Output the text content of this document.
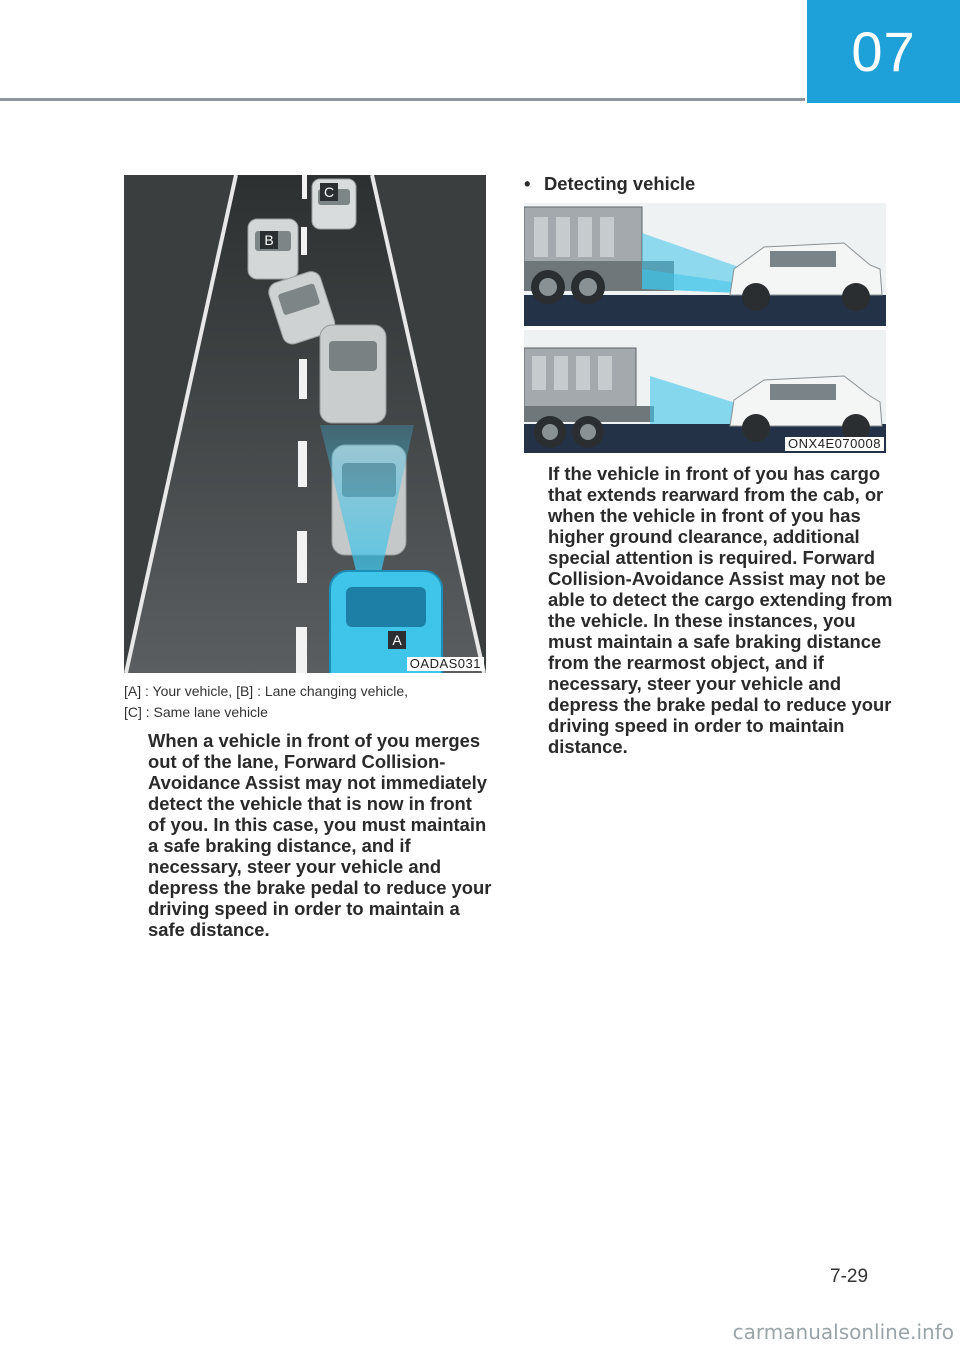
07
C
B
A
OADAS031
[A] : Your vehicle, [B] : Lane changing vehicle,
[C] : Same lane vehicle
When a vehicle in front of you merges out of the lane, Forward Collision-Avoidance Assist may not immediately detect the vehicle that is now in front of you. In this case, you must maintain a safe braking distance, and if necessary, steer your vehicle and depress the brake pedal to reduce your driving speed in order to maintain a safe distance.
• Detecting vehicle
ONX4E070008
If the vehicle in front of you has cargo that extends rearward from the cab, or when the vehicle in front of you has higher ground clearance, additional special attention is required. Forward Collision-Avoidance Assist may not be able to detect the cargo extending from the vehicle. In these instances, you must maintain a safe braking distance from the rearmost object, and if necessary, steer your vehicle and depress the brake pedal to reduce your driving speed in order to maintain distance.
7-29
carmanualsonline.info
